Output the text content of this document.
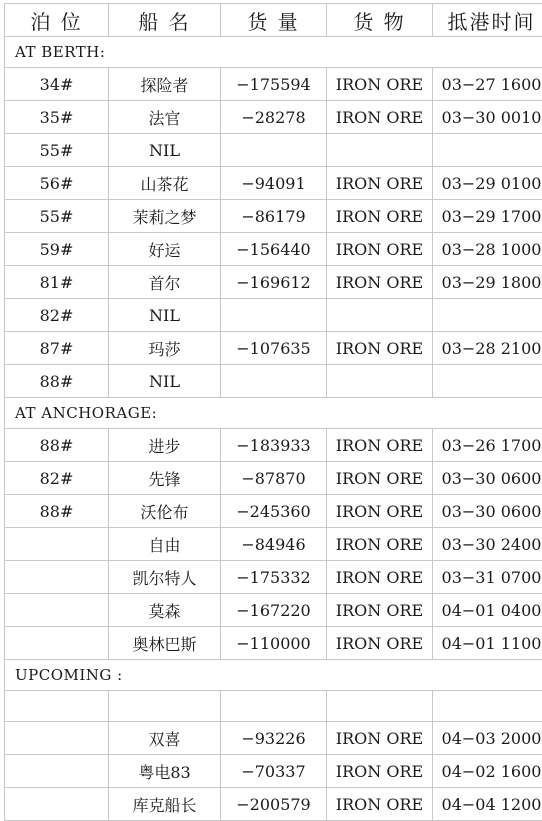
泊 位	船 名	货 量	货 物	抵港时间
AT BERTH:				
34#	探险者	−175594	IRON ORE	03−27 1600
35#	法官	−28278	IRON ORE	03−30 0010
55#	NIL			
56#	山茶花	−94091	IRON ORE	03−29 0100
55#	茉莉之梦	−86179	IRON ORE	03−29 1700
59#	好运	−156440	IRON ORE	03−28 1000
81#	首尔	−169612	IRON ORE	03−29 1800
82#	NIL			
87#	玛莎	−107635	IRON ORE	03−28 2100
88#	NIL			
AT ANCHORAGE:				
88#	进步	−183933	IRON ORE	03−26 1700
82#	先锋	−87870	IRON ORE	03−30 0600
88#	沃伦布	−245360	IRON ORE	03−30 0600
	自由	−84946	IRON ORE	03−30 2400
	凯尔特人	−175332	IRON ORE	03−31 0700
	莫森	−167220	IRON ORE	04−01 0400
	奥林巴斯	−110000	IRON ORE	04−01 1100
UPCOMING :				

	双喜	−93226	IRON ORE	04−03 2000
	粤电83	−70337	IRON ORE	04−02 1600
	库克船长	−200579	IRON ORE	04−04 1200
